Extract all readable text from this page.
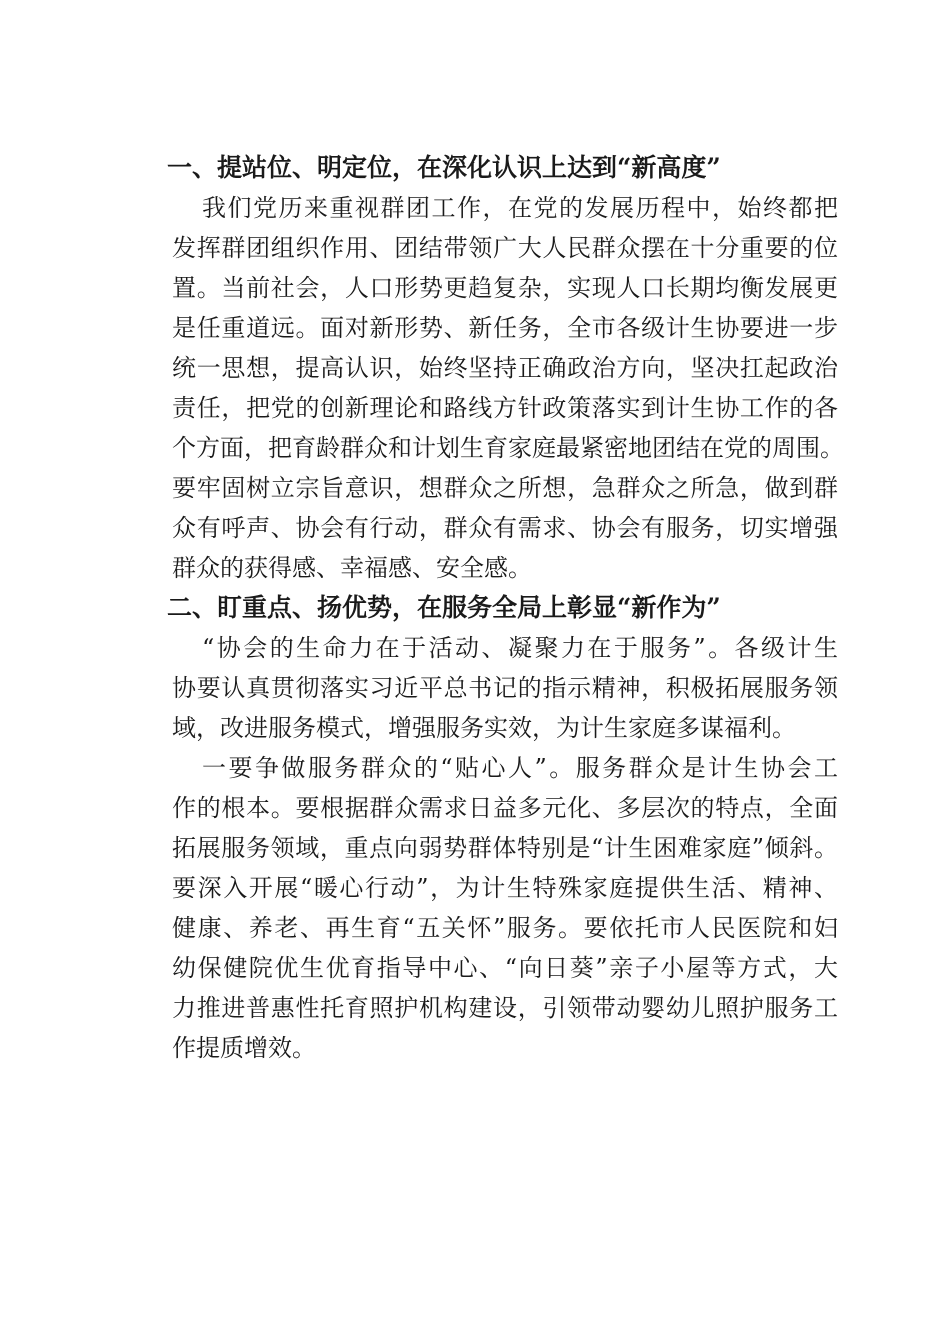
一、提站位、明定位，在深化认识上达到“新高度”
我们党历来重视群团工作，在党的发展历程中，始终都把
发挥群团组织作用、团结带领广大人民群众摆在十分重要的位
置。当前社会，人口形势更趋复杂，实现人口长期均衡发展更
是任重道远。面对新形势、新任务，全市各级计生协要进一步
统一思想，提高认识，始终坚持正确政治方向，坚决扛起政治
责任，把党的创新理论和路线方针政策落实到计生协工作的各
个方面，把育龄群众和计划生育家庭最紧密地团结在党的周围。
要牢固树立宗旨意识，想群众之所想，急群众之所急，做到群
众有呼声、协会有行动，群众有需求、协会有服务，切实增强
群众的获得感、幸福感、安全感。
二、盯重点、扬优势，在服务全局上彰显“新作为”
“协会的生命力在于活动、凝聚力在于服务”。各级计生
协要认真贯彻落实习近平总书记的指示精神，积极拓展服务领
域，改进服务模式，增强服务实效，为计生家庭多谋福利。
一要争做服务群众的“贴心人”。服务群众是计生协会工
作的根本。要根据群众需求日益多元化、多层次的特点，全面
拓展服务领域，重点向弱势群体特别是“计生困难家庭”倾斜。
要深入开展“暖心行动”，为计生特殊家庭提供生活、精神、
健康、养老、再生育“五关怀”服务。要依托市人民医院和妇
幼保健院优生优育指导中心、“向日葵”亲子小屋等方式，大
力推进普惠性托育照护机构建设，引领带动婴幼儿照护服务工
作提质增效。
